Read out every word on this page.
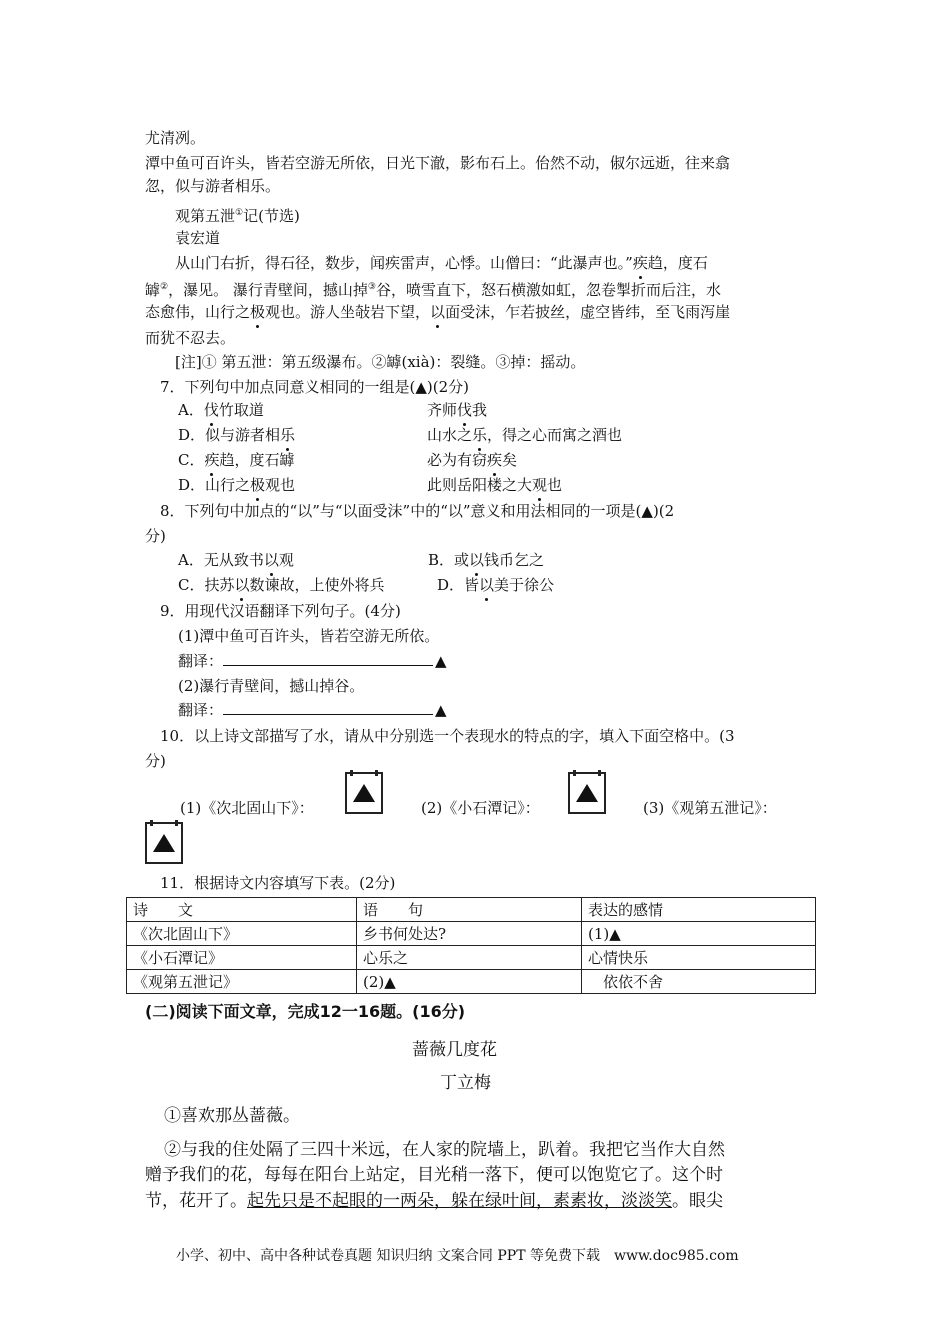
尤清冽。
潭中鱼可百许头，皆若空游无所依，日光下澈，影布石上。佁然不动，俶尔远逝，往来翕
忽，似与游者相乐。
观第五泄①记(节选)
袁宏道
从山门右折，得石径，数步，闻疾雷声，心悸。山僧曰：“此瀑声也。”疾趋，度石
罅②，瀑见。 瀑行青壁间，撼山掉③谷，喷雪直下，怒石横激如虹，忽卷掣折而后注，水
态愈伟，山行之极观也。游人坐敧岩下望，以面受沫，乍若披丝，虚空皆纬，至飞雨泻崖
而犹不忍去。
[注]① 第五泄：第五级瀑布。②罅(xià)：裂缝。③掉：摇动。
7．下列句中加点同意义相同的一组是(▲)(2分)
A．伐竹取道	齐师伐我
D．似与游者相乐	山水之乐，得之心而寓之酒也
C．疾趋，度石罅	必为有窃疾矣
D．山行之极观也	此则岳阳楼之大观也
8．下列句中加点的“以”与“以面受沫”中的“以”意义和用法相同的一项是(▲)(2
分)
A．无从致书以观	B．或以钱币乞之
C．扶苏以数谏故，上使外将兵	D．皆以美于徐公
9．用现代汉语翻译下列句子。(4分)
(1)潭中鱼可百许头，皆若空游无所依。
翻译：	▲
(2)瀑行青壁间，撼山掉谷。
翻译：	▲
10．以上诗文部描写了水，请从中分别选一个表现水的特点的字，填入下面空格中。(3
分)
(1)《次北固山下》：	(2)《小石潭记》：	(3)《观第五泄记》：
11．根据诗文内容填写下表。(2分)
诗　　文	语　　句	表达的感情
《次北固山下》	乡书何处达?	(1)▲
《小石潭记》	心乐之	心情快乐
《观第五泄记》	(2)▲	　依依不舍
(二)阅读下面文章，完成12一16题。(16分)
蔷薇几度花
丁立梅
①喜欢那丛蔷薇。
②与我的住处隔了三四十米远，在人家的院墙上，趴着。我把它当作大自然
赠予我们的花，每每在阳台上站定，目光稍一落下，便可以饱览它了。这个时
节，花开了。起先只是不起眼的一两朵，躲在绿叶间，素素妆，淡淡笑。眼尖
小学、初中、高中各种试卷真题 知识归纳 文案合同 PPT 等免费下载　www.doc985.com
